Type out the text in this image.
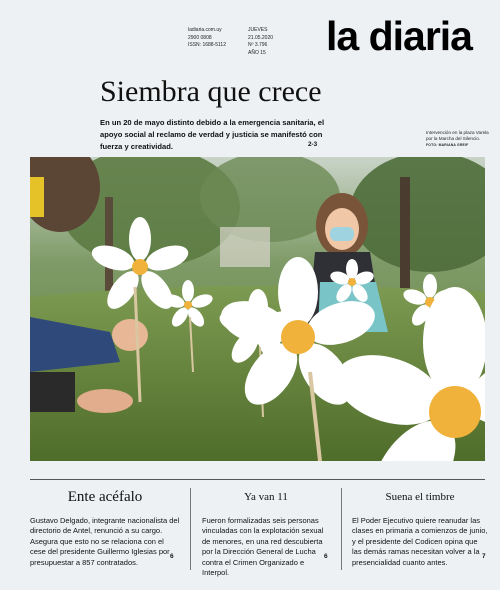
ladiaria.com.uy
2900 0808
ISSN: 1688-5112
JUEVES
21.05.2020
Nº 3.796
AÑO 15 la diaria
Siembra que crece
En un 20 de mayo distinto debido a la emergencia sanitaria, el apoyo social al reclamo de verdad y justicia se manifestó con fuerza y creatividad.	2-3
Intervención en la plaza Varela por la Marcha del Silencio.
FOTO: MARIANA GREIF
Ente acéfalo

Gustavo Delgado, integrante nacionalista del directorio de Antel, renunció a su cargo. Asegura que esto no se relaciona con el cese del presidente Guillermo Iglesias por presupuestar a 857 contratados.

6
Ya van 11

Fueron formalizadas seis personas vinculadas con la explotación sexual de menores, en una red descubierta por la Dirección General de Lucha contra el Crimen Organizado e Interpol.

6
Suena el timbre

El Poder Ejecutivo quiere reanudar las clases en primaria a comienzos de junio, y el presidente del Codicen opina que las demás ramas necesitan volver a la presencialidad cuanto antes.

7
